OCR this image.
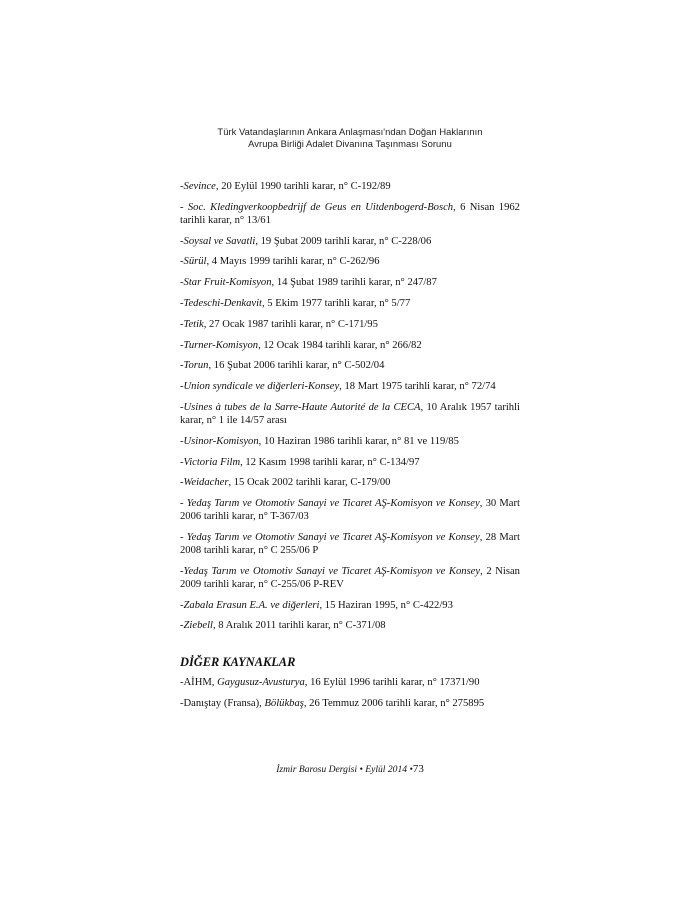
Türk Vatandaşlarının Ankara Anlaşması'ndan Doğan Haklarının
Avrupa Birliği Adalet Divanına Taşınması Sorunu
-Sevince, 20 Eylül 1990 tarihli karar, n° C-192/89
- Soc. Kledingverkoopbedrijf de Geus en Uitdenbogerd-Bosch, 6 Nisan 1962 tarihli karar, n° 13/61
-Soysal ve Savatli, 19 Şubat 2009 tarihli karar, n° C-228/06
-Sürül, 4 Mayıs 1999 tarihli karar, n° C-262/96
-Star Fruit-Komisyon, 14 Şubat 1989 tarihli karar, n° 247/87
-Tedeschi-Denkavit, 5 Ekim 1977 tarihli karar, n° 5/77
-Tetik, 27 Ocak 1987 tarihli karar, n° C-171/95
-Turner-Komisyon, 12 Ocak 1984 tarihli karar, n° 266/82
-Torun, 16 Şubat 2006 tarihli karar, n° C-502/04
-Union syndicale ve diğerleri-Konsey, 18 Mart 1975 tarihli karar, n° 72/74
-Usines à tubes de la Sarre-Haute Autorité de la CECA, 10 Aralık 1957 tarihli karar, n° 1 ile 14/57 arası
-Usinor-Komisyon, 10 Haziran 1986 tarihli karar, n° 81 ve 119/85
-Victoria Film, 12 Kasım 1998 tarihli karar, n° C-134/97
-Weidacher, 15 Ocak 2002 tarihli karar, C-179/00
- Yedaş Tarım ve Otomotiv Sanayi ve Ticaret AŞ-Komisyon ve Konsey, 30 Mart 2006 tarihli karar, n° T-367/03
- Yedaş Tarım ve Otomotiv Sanayi ve Ticaret AŞ-Komisyon ve Konsey, 28 Mart 2008 tarihli karar, n° C 255/06 P
-Yedaş Tarım ve Otomotiv Sanayi ve Ticaret AŞ-Komisyon ve Konsey, 2 Nisan 2009 tarihli karar, n° C-255/06 P-REV
-Zabala Erasun E.A. ve diğerleri, 15 Haziran 1995, n° C-422/93
-Ziebell, 8 Aralık 2011 tarihli karar, n° C-371/08
DİĞER KAYNAKLAR
-AİHM, Gaygusuz-Avusturya, 16 Eylül 1996 tarihli karar, n° 17371/90
-Danıştay (Fransa), Bölükbaş, 26 Temmuz 2006 tarihli karar, n° 275895
İzmir Barosu Dergisi • Eylül 2014 •73
